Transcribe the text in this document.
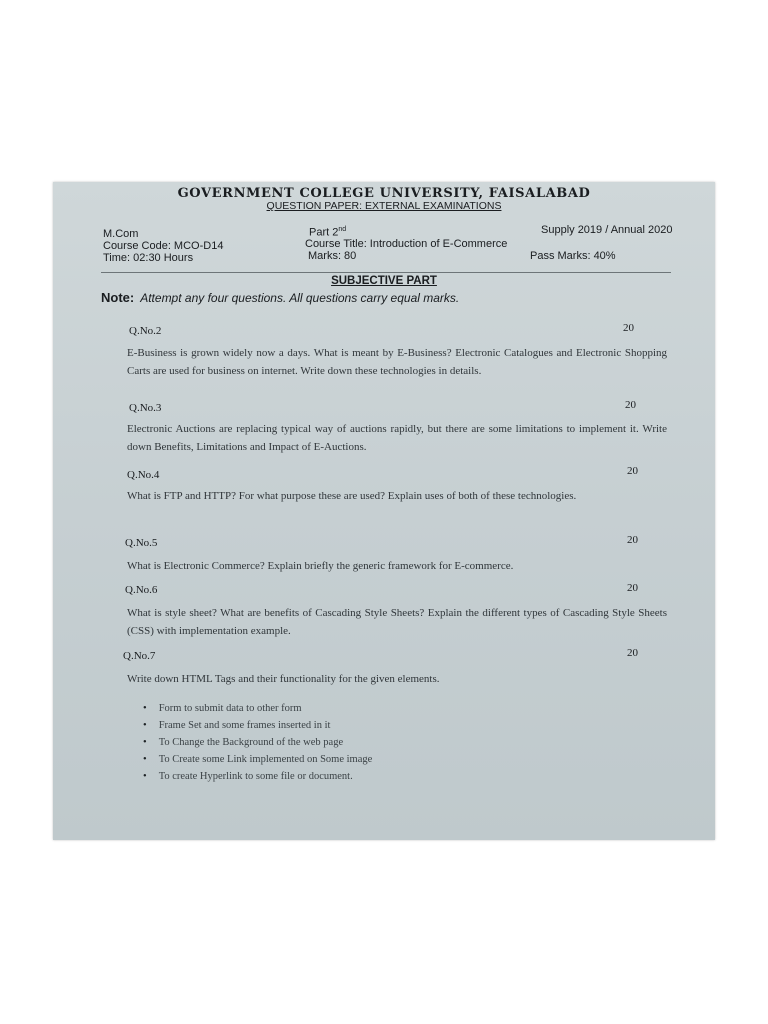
GOVERNMENT COLLEGE UNIVERSITY, FAISALABAD
QUESTION PAPER: EXTERNAL EXAMINATIONS
M.Com
Course Code: MCO-D14
Time: 02:30 Hours
Part 2nd
Course Title: Introduction of E-Commerce
Marks: 80
Supply 2019 / Annual 2020
Pass Marks: 40%
SUBJECTIVE PART
Note: Attempt any four questions. All questions carry equal marks.
Q.No.2	20
E-Business is grown widely now a days. What is meant by E-Business? Electronic Catalogues and Electronic Shopping Carts are used for business on internet. Write down these technologies in details.
Q.No.3	20
Electronic Auctions are replacing typical way of auctions rapidly, but there are some limitations to implement it. Write down Benefits, Limitations and Impact of E-Auctions.
Q.No.4	20
What is FTP and HTTP? For what purpose these are used? Explain uses of both of these technologies.
Q.No.5	20
What is Electronic Commerce? Explain briefly the generic framework for E-commerce.
Q.No.6	20
What is style sheet? What are benefits of Cascading Style Sheets? Explain the different types of Cascading Style Sheets (CSS) with implementation example.
Q.No.7	20
Write down HTML Tags and their functionality for the given elements.
• Form to submit data to other form
• Frame Set and some frames inserted in it
• To Change the Background of the web page
• To Create some Link implemented on Some image
• To create Hyperlink to some file or document.
